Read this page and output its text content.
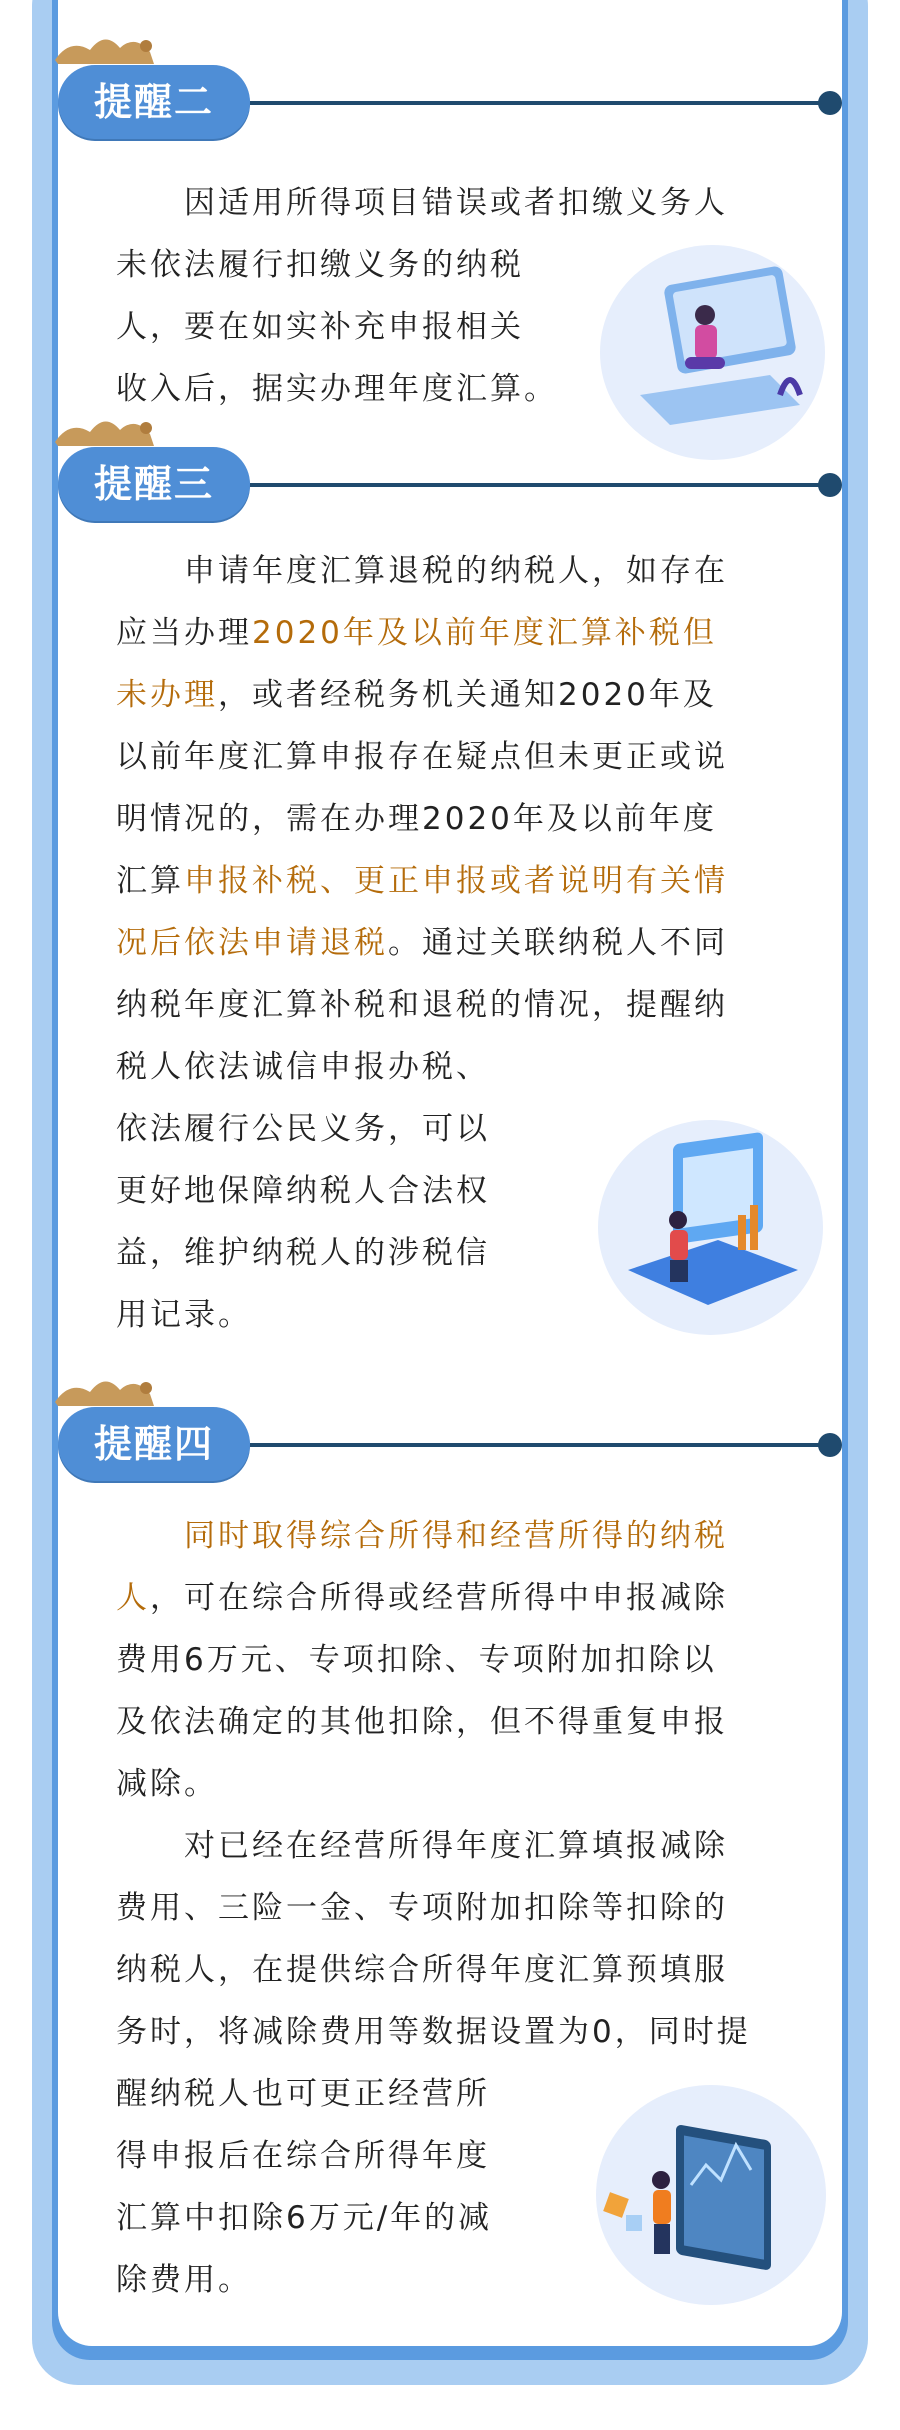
提醒二

　　因适用所得项目错误或者扣缴义务人

未依法履行扣缴义务的纳税

人，要在如实补充申报相关

收入后，据实办理年度汇算。

提醒三

　　申请年度汇算退税的纳税人，如存在

应当办理2020年及以前年度汇算补税但

未办理，或者经税务机关通知2020年及

以前年度汇算申报存在疑点但未更正或说

明情况的，需在办理2020年及以前年度

汇算申报补税、更正申报或者说明有关情

况后依法申请退税。通过关联纳税人不同

纳税年度汇算补税和退税的情况，提醒纳

税人依法诚信申报办税、

依法履行公民义务，可以

更好地保障纳税人合法权

益，维护纳税人的涉税信

用记录。

提醒四

　　同时取得综合所得和经营所得的纳税

人，可在综合所得或经营所得中申报减除

费用6万元、专项扣除、专项附加扣除以

及依法确定的其他扣除，但不得重复申报

减除。

　　对已经在经营所得年度汇算填报减除

费用、三险一金、专项附加扣除等扣除的

纳税人，在提供综合所得年度汇算预填服

务时，将减除费用等数据设置为0，同时提

醒纳税人也可更正经营所

得申报后在综合所得年度

汇算中扣除6万元/年的减

除费用。
